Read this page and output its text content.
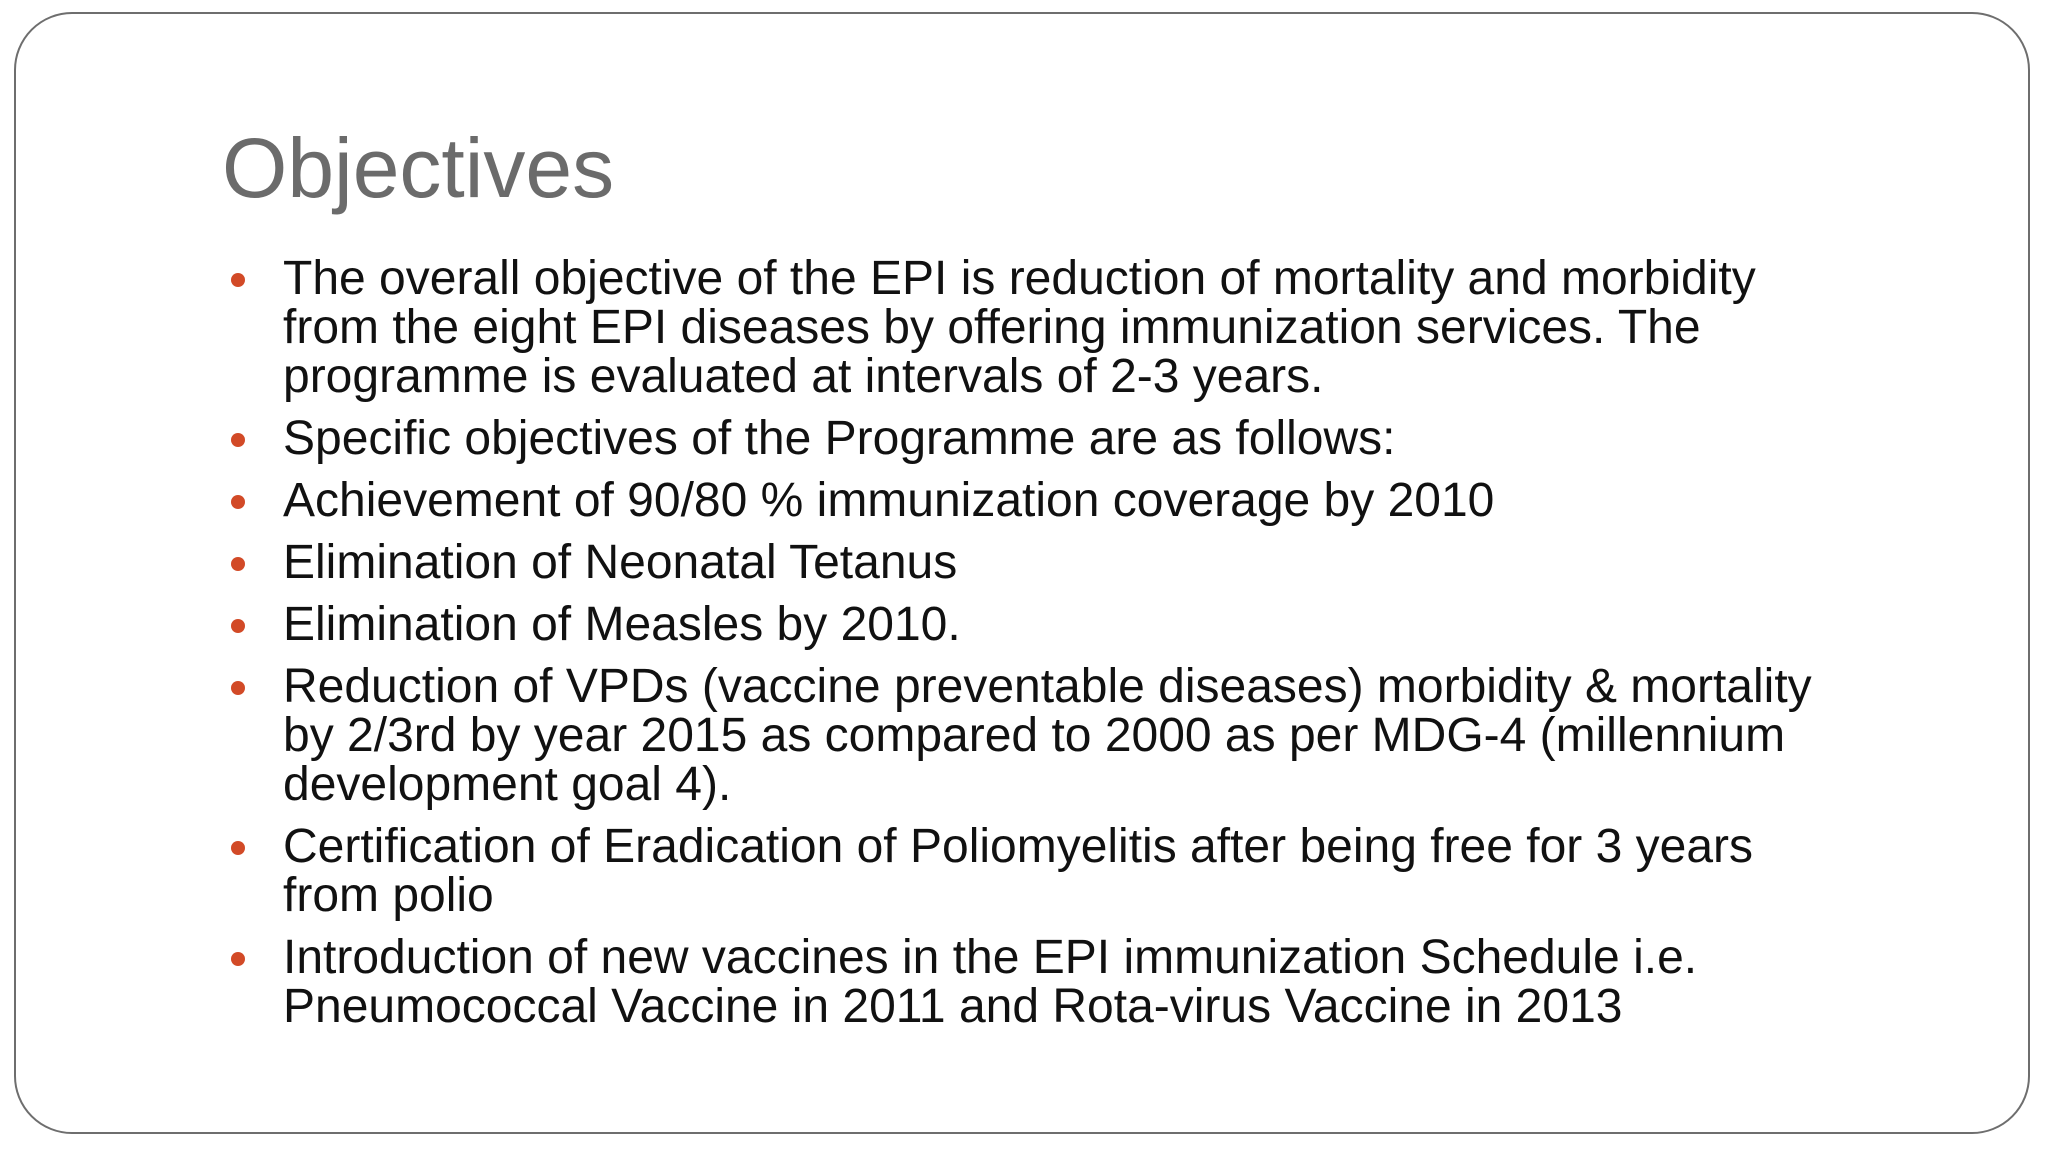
Objectives
The overall objective of the EPI is reduction of mortality and morbidity
from the eight EPI diseases by offering immunization services. The
programme is evaluated at intervals of 2-3 years.
Specific objectives of the Programme are as follows:
Achievement of 90/80 % immunization coverage by 2010
Elimination of Neonatal Tetanus
Elimination of Measles by 2010.
Reduction of VPDs (vaccine preventable diseases) morbidity & mortality
by 2/3rd by year 2015 as compared to 2000 as per MDG-4 (millennium
development goal 4).
Certification of Eradication of Poliomyelitis after being free for 3 years
from polio
Introduction of new vaccines in the EPI immunization Schedule i.e.
Pneumococcal Vaccine in 2011 and Rota-virus Vaccine in 2013
